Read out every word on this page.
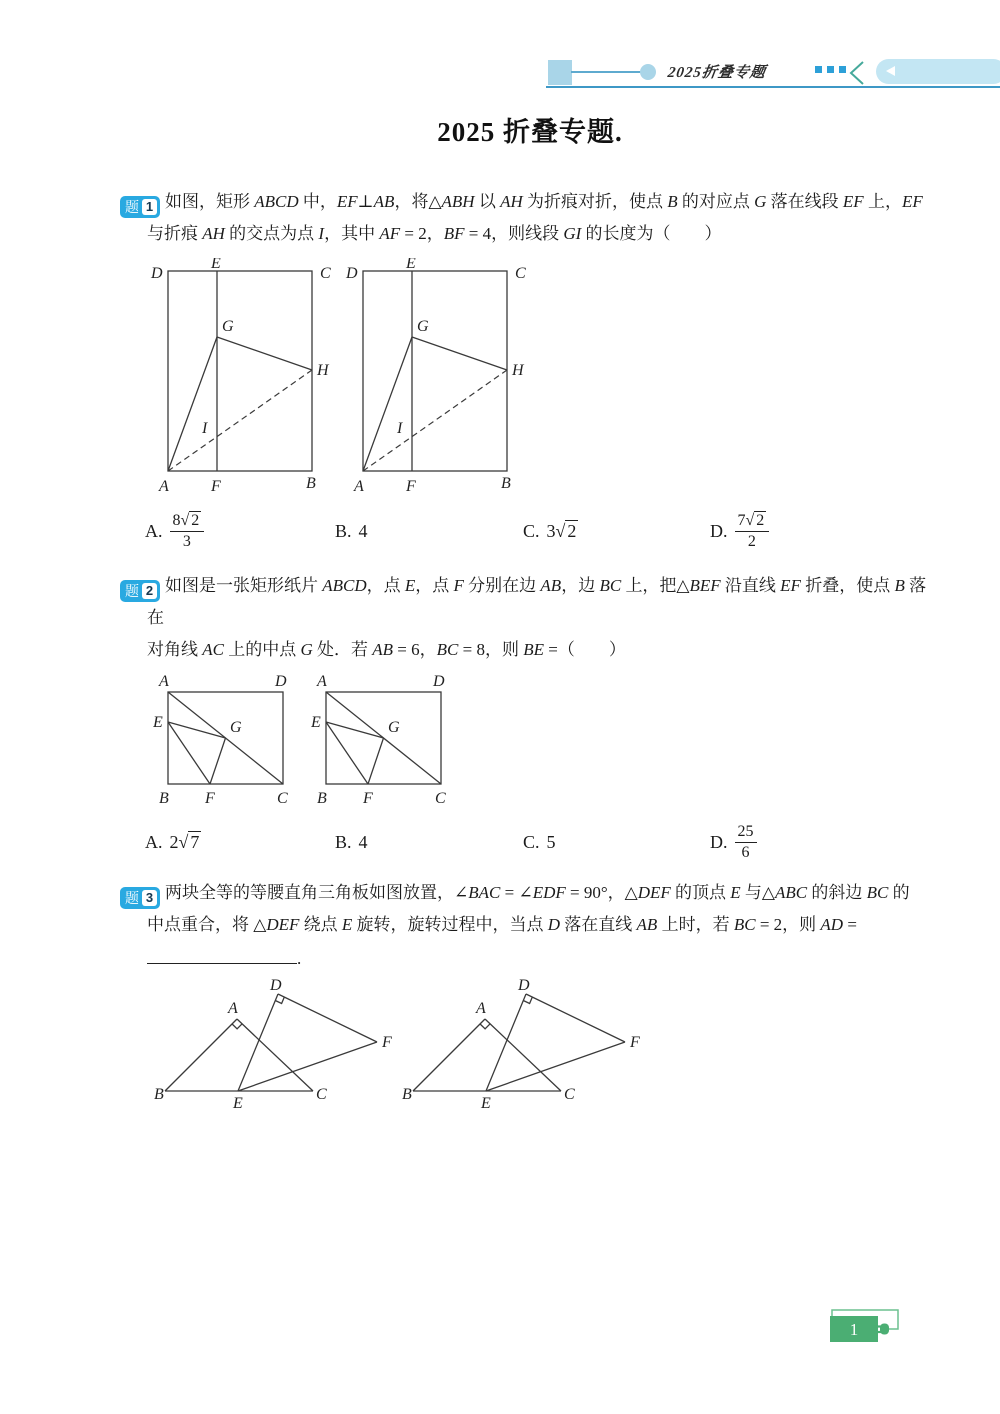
2025折叠专题
2025 折叠专题.
题 1 如图，矩形 ABCD 中，EF⊥AB，将△ABH 以 AH 为折痕对折，使点 B 的对应点 G 落在线段 EF 上，EF
与折痕 AH 的交点为点 I，其中 AF = 2，BF = 4，则线段 GI 的长度为（　　）
D
E
C
G
H
I
A	F	B
D
E
C
G
H
I
A	F	B
A. $\frac{8√ 2}{3}$	B. 4	C. 3√ 2	D. $\frac{7√ 2}{2}$
题 2 如图是一张矩形纸片 ABCD，点 E，点 F 分别在边 AB，边 BC 上，把△BEF 沿直线 EF 折叠，使点 B 落在
对角线 AC 上的中点 G 处．若 AB = 6，BC = 8，则 BE =（　　）
A	D
B	C
E
F
G
A	D
B	C
E
F
G
A. 2√ 7	B. 4	C. 5	D. $\frac{25}{6}$
题 3 两块全等的等腰直角三角板如图放置，∠BAC = ∠EDF = 90°，△DEF 的顶点 E 与△ABC 的斜边 BC 的
中点重合，将 △DEF 绕点 E 旋转，旋转过程中，当点 D 落在直线 AB 上时，若 BC = 2，则 AD =
.
B
E
C
A
D
F
B
E
C
A
D
F
1
